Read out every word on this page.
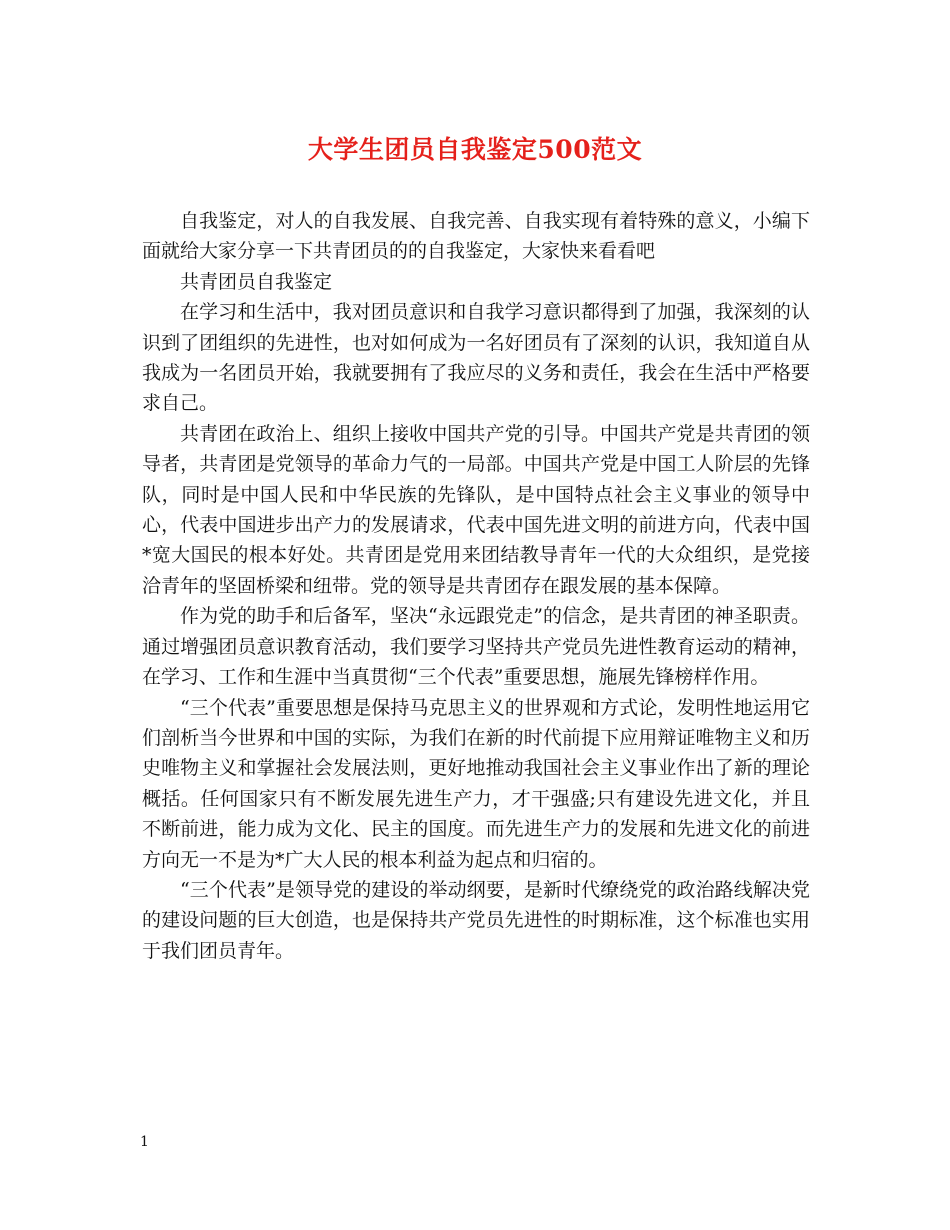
大学生团员自我鉴定500范文

自我鉴定，对人的自我发展、自我完善、自我实现有着特殊的意义，小编下面就给大家分享一下共青团员的的自我鉴定，大家快来看看吧

共青团员自我鉴定

在学习和生活中，我对团员意识和自我学习意识都得到了加强，我深刻的认识到了团组织的先进性，也对如何成为一名好团员有了深刻的认识，我知道自从我成为一名团员开始，我就要拥有了我应尽的义务和责任，我会在生活中严格要求自己。

共青团在政治上、组织上接收中国共产党的引导。中国共产党是共青团的领导者，共青团是党领导的革命力气的一局部。中国共产党是中国工人阶层的先锋队，同时是中国人民和中华民族的先锋队，是中国特点社会主义事业的领导中心，代表中国进步出产力的发展请求，代表中国先进文明的前进方向，代表中国*宽大国民的根本好处。共青团是党用来团结教导青年一代的大众组织，是党接洽青年的坚固桥梁和纽带。党的领导是共青团存在跟发展的基本保障。

作为党的助手和后备军，坚决“永远跟党走”的信念，是共青团的神圣职责。通过增强团员意识教育活动，我们要学习坚持共产党员先进性教育运动的精神，在学习、工作和生涯中当真贯彻“三个代表”重要思想，施展先锋榜样作用。

“三个代表”重要思想是保持马克思主义的世界观和方式论，发明性地运用它们剖析当今世界和中国的实际，为我们在新的时代前提下应用辩证唯物主义和历史唯物主义和掌握社会发展法则，更好地推动我国社会主义事业作出了新的理论概括。任何国家只有不断发展先进生产力，才干强盛;只有建设先进文化，并且不断前进，能力成为文化、民主的国度。而先进生产力的发展和先进文化的前进方向无一不是为*广大人民的根本利益为起点和归宿的。

“三个代表”是领导党的建设的举动纲要，是新时代缭绕党的政治路线解决党的建设问题的巨大创造，也是保持共产党员先进性的时期标准，这个标准也实用于我们团员青年。

1
